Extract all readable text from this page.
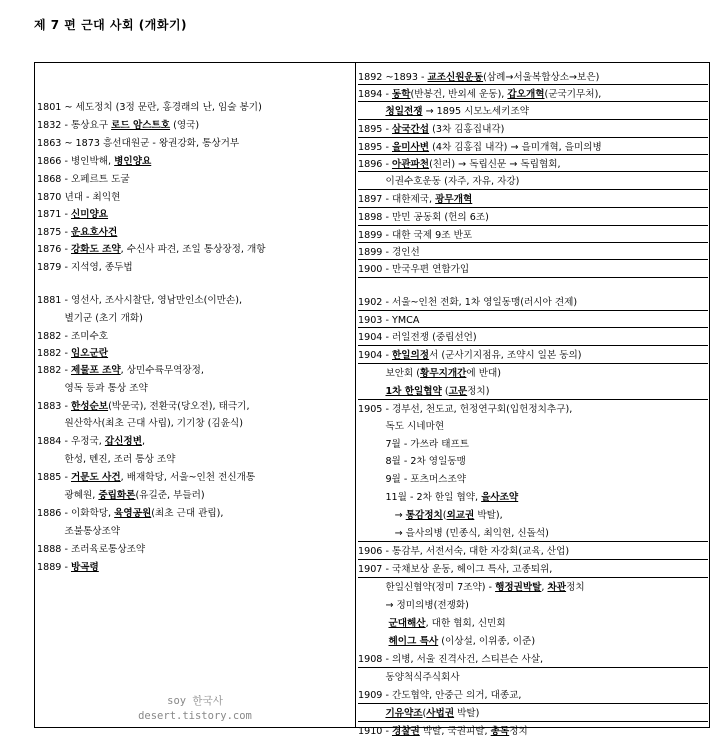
제 7 편 근대 사회 (개화기)
1801 ~ 세도정치 (3정 문란, 홍경래의 난, 임술 봉기)
1832 - 통상요구 로드 암스트호 (영국)
1863 ~ 1873 흥선대원군 - 왕권강화, 통상거부
1866 - 병인박해, 병인양요
1868 - 오페르트 도굴
1870 년대 - 최익현
1871 - 신미양요
1875 - 운요호사건
1876 - 강화도 조약, 수신사 파견, 조일 통상장정, 개항
1879 - 지석영, 종두법
1881 - 영선사, 조사시찰단, 영남만인소(이만손),
별기군 (초기 개화)
1882 - 조미수호
1882 - 임오군란
1882 - 제물포 조약, 상민수륙무역장정,
영독 등과 통상 조약
1883 - 한성순보(박문국), 전환국(당오전), 태극기,
원산학사(최초 근대 사립), 기기창 (김윤식)
1884 - 우정국, 갑신정변,
한성, 톈진, 조러 통상 조약
1885 - 거문도 사건, 배재학당, 서울~인천 전신개통
광혜원, 중립화론(유길준, 부들러)
1886 - 이화학당, 육영공원(최초 근대 관립),
조불통상조약
1888 - 조러육로통상조약
1889 - 방곡령
1892 ~1893 - 교조신원운동(삼례→서울복합상소→보은)
1894 - 동학(반봉건, 반외세 운동), 갑오개혁(군국기무처),
청일전쟁 → 1895 시모노세키조약
1895 - 삼국간섭 (3차 김홍집내각)
1895 - 을미사변 (4차 김홍집 내각) → 을미개혁, 을미의병
1896 - 아관파천(친러) → 독립신문 → 독립협회,
이권수호운동 (자주, 자유, 자강)
1897 - 대한제국, 광무개혁
1898 - 만민 공동회 (헌의 6조)
1899 - 대한 국제 9조 반포
1899 - 경인선
1900 - 만국우편 연합가입
1902 - 서울~인천 전화, 1차 영일동맹(러시아 견제)
1903 - YMCA
1904 - 러일전쟁 (중립선언)
1904 - 한일의정서 (군사기지점유, 조약시 일본 동의)
보안회 (황무지개간에 반대)
1차 한일협약 (고문정치)
1905 - 경부선, 천도교, 헌정연구회(입헌정치추구),
독도 시네마현
7월 - 가쓰라 태프트
8월 - 2차 영일동맹
9월 - 포츠머스조약
11월 - 2차 한일 협약, 을사조약
→ 통감정치(외교권 박탈),
→ 을사의병 (민종식, 최익현, 신돌석)
1906 - 통감부, 서전서숙, 대한 자강회(교육, 산업)
1907 - 국채보상 운동, 헤이그 특사, 고종퇴위,
한일신협약(정미 7조약) - 행정권박탈, 차관정치
→ 정미의병(전쟁화)
군대해산, 대한 협회, 신민회
헤이그 특사 (이상설, 이위종, 이준)
1908 - 의병, 서울 진격사건, 스티븐슨 사살,
동양척식주식회사
1909 - 간도협약, 안중근 의거, 대종교,
기유약조(사법권 박탈)
1910 - 경찰권 박탈, 국권피탈, 총독정치
soy 한국사
desert.tistory.com
